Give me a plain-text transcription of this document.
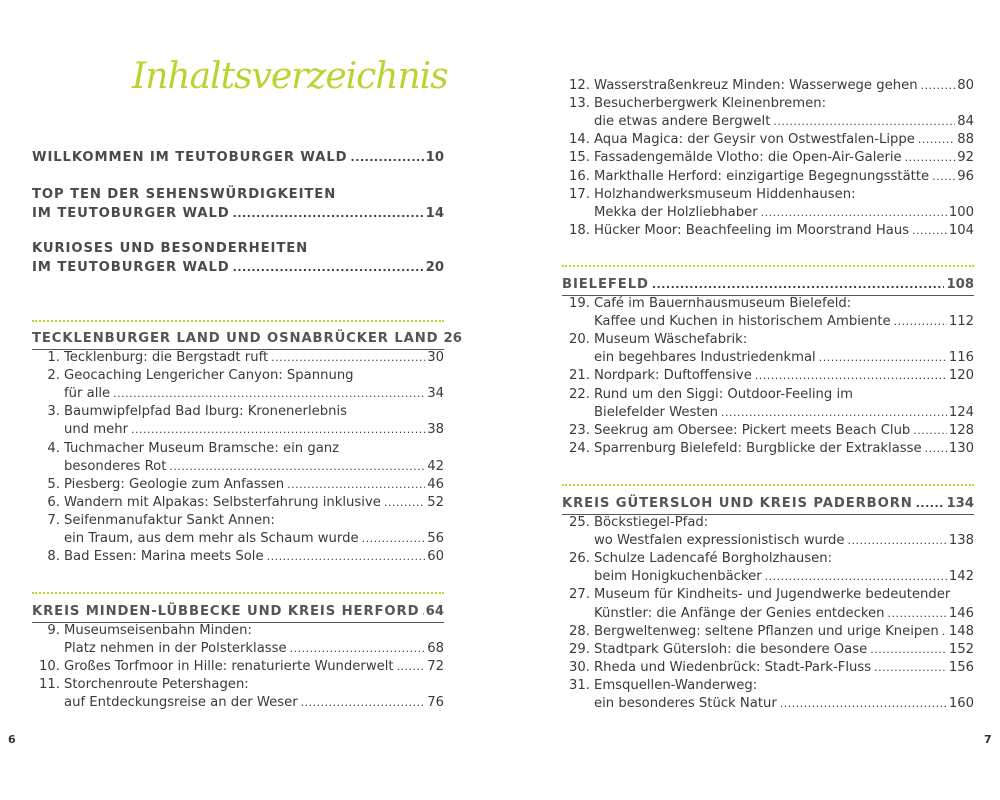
Inhaltsverzeichnis
6
WILLKOMMEN IM TEUTOBURGER WALD .....	10
TOP TEN DER SEHENSWÜRDIGKEITEN
IM TEUTOBURGER WALD .....	14
KURIOSES UND BESONDERHEITEN
IM TEUTOBURGER WALD .....	20
TECKLENBURGER LAND UND OSNABRÜCKER LAND 26
1. Tecklenburg: die Bergstadt ruft .....	30
2. Geocaching Lengericher Canyon: Spannung
für alle .....	34
3. Baumwipfelpfad Bad Iburg: Kronenerlebnis
und mehr .....	38
4. Tuchmacher Museum Bramsche: ein ganz
besonderes Rot .....	42
5. Piesberg: Geologie zum Anfassen .....	46
6. Wandern mit Alpakas: Selbsterfahrung inklusive .....	52
7. Seifenmanufaktur Sankt Annen:
ein Traum, aus dem mehr als Schaum wurde .....	56
8. Bad Essen: Marina meets Sole .....	60
KREIS MINDEN-LÜBBECKE UND KREIS HERFORD ..... 64
9. Museumseisenbahn Minden:
Platz nehmen in der Polsterklasse .....	68
10. Großes Torfmoor in Hille: renaturierte Wunderwelt .....	72
11. Storchenroute Petershagen:
auf Entdeckungsreise an der Weser .....	76
7
12. Wasserstraßenkreuz Minden: Wasserwege gehen .....	80
13. Besucherbergwerk Kleinenbremen:
die etwas andere Bergwelt .....	84
14. Aqua Magica: der Geysir von Ostwestfalen-Lippe .....	88
15. Fassadengemälde Vlotho: die Open-Air-Galerie .....	92
16. Markthalle Herford: einzigartige Begegnungsstätte ..... 96
17. Holzhandwerksmuseum Hiddenhausen:
Mekka der Holzliebhaber .....	100
18. Hücker Moor: Beachfeeling im Moorstrand Haus .....	104
BIELEFELD .....	108
19. Café im Bauernhausmuseum Bielefeld:
Kaffee und Kuchen in historischem Ambiente .....	112
20. Museum Wäschefabrik:
ein begehbares Industriedenkmal .....	116
21. Nordpark: Duftoffensive .....	120
22. Rund um den Siggi: Outdoor-Feeling im
Bielefelder Westen .....	124
23. Seekrug am Obersee: Pickert meets Beach Club .....	128
24. Sparrenburg Bielefeld: Burgblicke der Extraklasse ..... 130
KREIS GÜTERSLOH UND KREIS PADERBORN .....	134
25. Böckstiegel-Pfad:
wo Westfalen expressionistisch wurde .....	138
26. Schulze Ladencafé Borgholzhausen:
beim Honigkuchenbäcker .....	142
27. Museum für Kindheits- und Jugendwerke bedeutender
Künstler: die Anfänge der Genies entdecken .....	146
28. Bergweltenweg: seltene Pflanzen und urige Kneipen ..... 148
29. Stadtpark Gütersloh: die besondere Oase .....	152
30. Rheda und Wiedenbrück: Stadt-Park-Fluss .....	156
31. Emsquellen-Wanderweg:
ein besonderes Stück Natur .....	160
